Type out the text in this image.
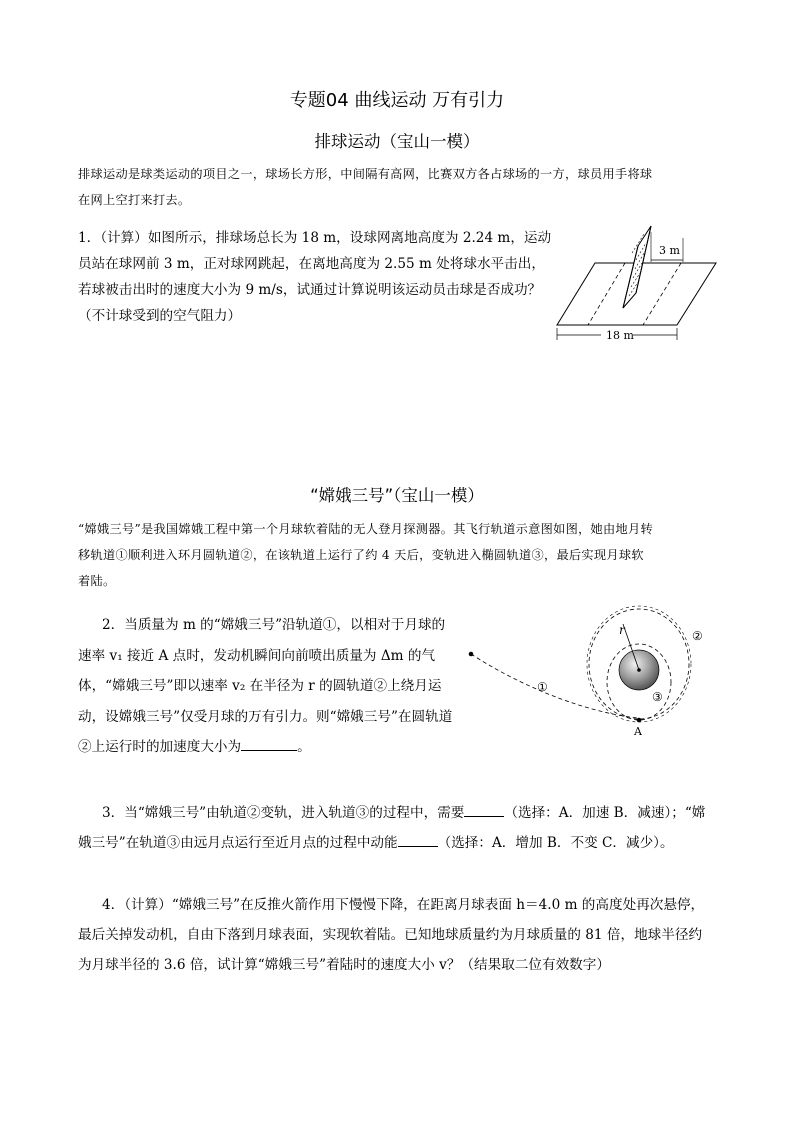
专题04 曲线运动 万有引力
排球运动（宝山一模）
排球运动是球类运动的项目之一，球场长方形，中间隔有高网，比赛双方各占球场的一方，球员用手将球
在网上空打来打去。
1．（计算）如图所示，排球场总长为 18 m，设球网离地高度为 2.24 m，运动
员站在球网前 3 m，正对球网跳起，在离地高度为 2.55 m 处将球水平击出，
若球被击出时的速度大小为 9 m/s，试通过计算说明该运动员击球是否成功？
（不计球受到的空气阻力）
3 m
18 m
“嫦娥三号”（宝山一模）
“嫦娥三号”是我国嫦娥工程中第一个月球软着陆的无人登月探测器。其飞行轨道示意图如图，她由地月转
移轨道①顺利进入环月圆轨道②，在该轨道上运行了约 4 天后，变轨进入椭圆轨道③，最后实现月球软
着陆。
2．当质量为 m 的“嫦娥三号”沿轨道①，以相对于月球的
速率 v₁ 接近 A 点时，发动机瞬间向前喷出质量为 Δm 的气
体，“嫦娥三号”即以速率 v₂ 在半径为 r 的圆轨道②上绕月运
动，设嫦娥三号”仅受月球的万有引力。则“嫦娥三号”在圆轨道
②上运行时的加速度大小为	。
①
②
③
r
A
3．当“嫦娥三号”由轨道②变轨，进入轨道③的过程中，需要	（选择：A．加速 B．减速）；“嫦
娥三号”在轨道③由远月点运行至近月点的过程中动能	（选择：A．增加 B．不变 C．减少）。
4．（计算）“嫦娥三号”在反推火箭作用下慢慢下降，在距离月球表面 h＝4.0 m 的高度处再次悬停，
最后关掉发动机，自由下落到月球表面，实现软着陆。已知地球质量约为月球质量的 81 倍，地球半径约
为月球半径的 3.6 倍，试计算“嫦娥三号”着陆时的速度大小 v？（结果取二位有效数字）
